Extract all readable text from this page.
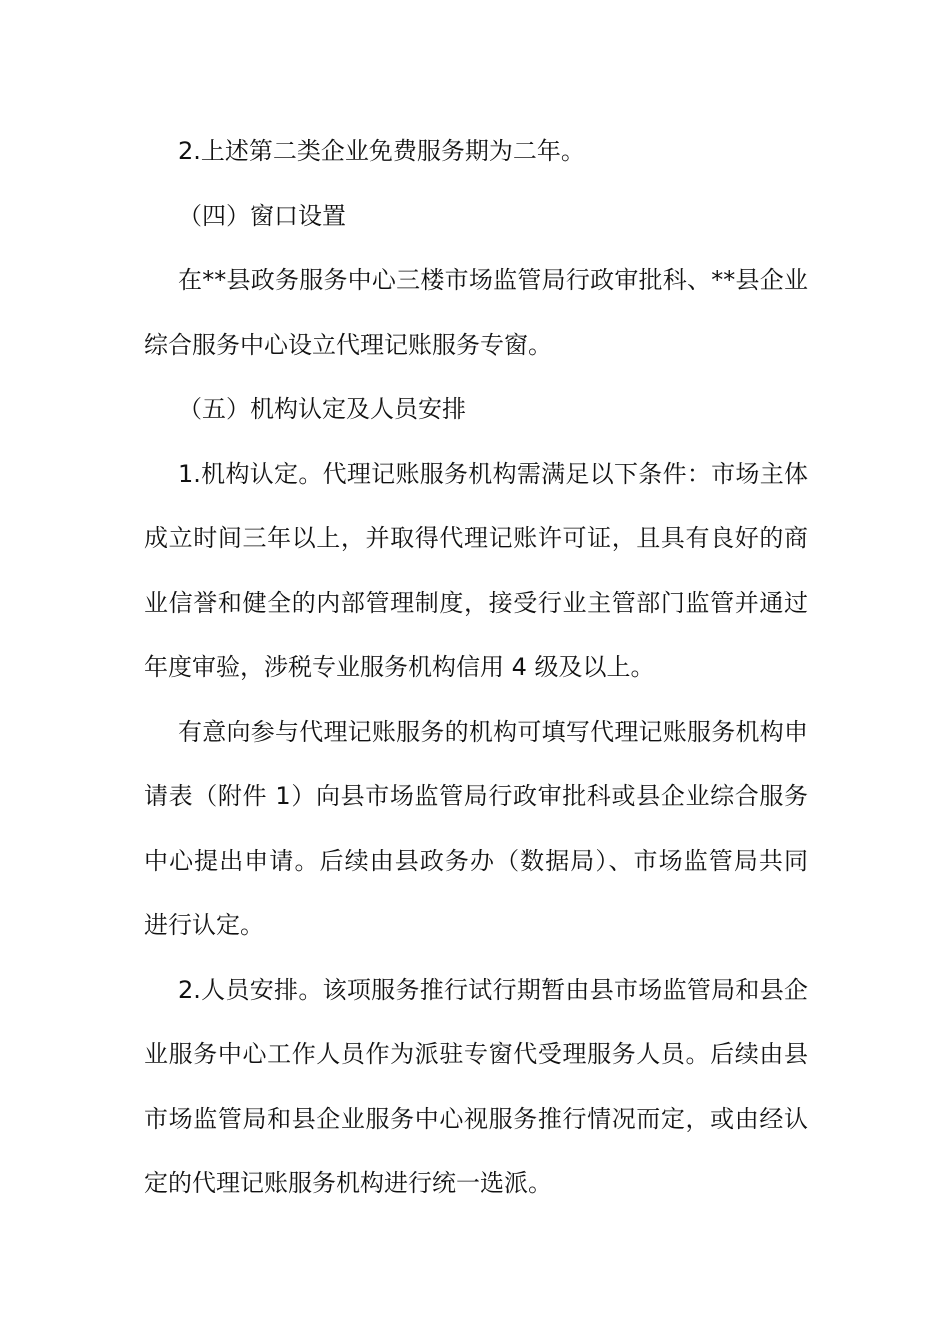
2.上述第二类企业免费服务期为二年。

（四）窗口设置

在**县政务服务中心三楼市场监管局行政审批科、**县企业
综合服务中心设立代理记账服务专窗。

（五）机构认定及人员安排

1.机构认定。代理记账服务机构需满足以下条件：市场主体
成立时间三年以上，并取得代理记账许可证，且具有良好的商
业信誉和健全的内部管理制度，接受行业主管部门监管并通过
年度审验，涉税专业服务机构信用 4 级及以上。

有意向参与代理记账服务的机构可填写代理记账服务机构申
请表（附件 1）向县市场监管局行政审批科或县企业综合服务
中心提出申请。后续由县政务办（数据局）、市场监管局共同
进行认定。

2.人员安排。该项服务推行试行期暂由县市场监管局和县企
业服务中心工作人员作为派驻专窗代受理服务人员。后续由县
市场监管局和县企业服务中心视服务推行情况而定，或由经认
定的代理记账服务机构进行统一选派。
